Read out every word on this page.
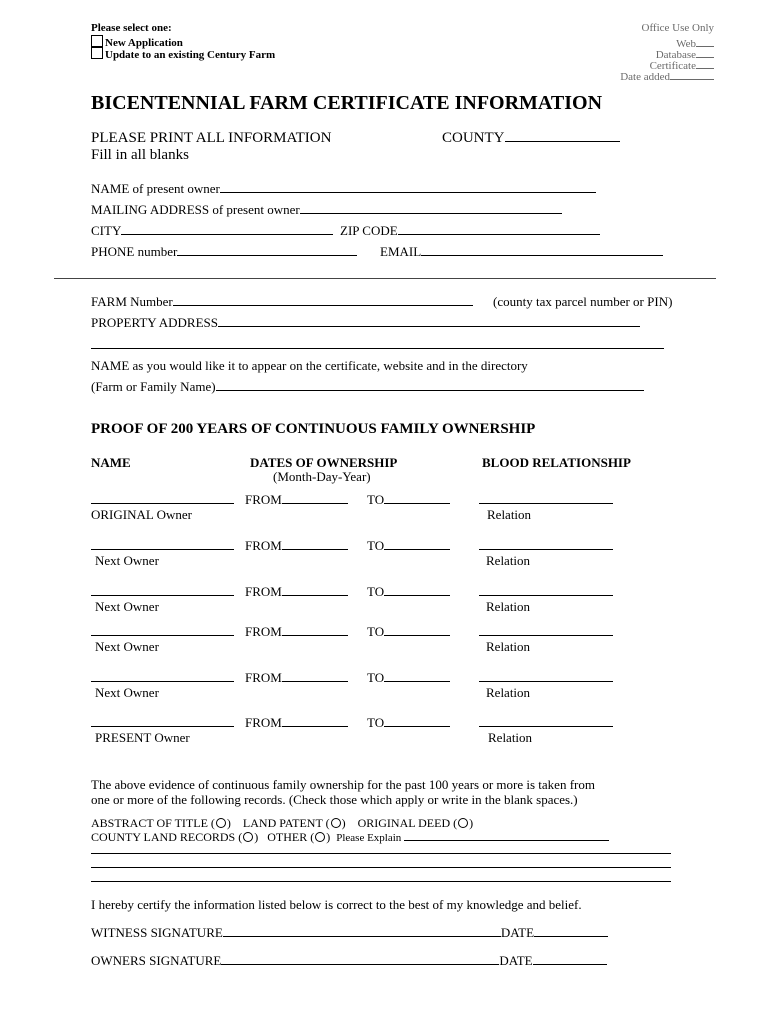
Please select one:
New Application
Update to an existing Century Farm
Office Use Only
Web
Database
Certificate
Date added
BICENTENNIAL FARM CERTIFICATE INFORMATION
PLEASE PRINT ALL INFORMATION
Fill in all blanks
COUNTY
NAME of present owner
MAILING ADDRESS of present owner
CITY	ZIP CODE
PHONE number	EMAIL
FARM Number	(county tax parcel number or PIN)
PROPERTY ADDRESS
NAME as you would like it to appear on the certificate, website and in the directory
(Farm or Family Name)
PROOF OF 200 YEARS OF CONTINUOUS FAMILY OWNERSHIP
NAME	DATES OF OWNERSHIP
(Month-Day-Year)
BLOOD RELATIONSHIP
FROM	TO
ORIGINAL Owner	Relation
FROM	TO
Next Owner	Relation
FROM	TO
Next Owner	Relation
FROM	TO
Next Owner	Relation
FROM	TO
Next Owner	Relation
FROM	TO
PRESENT Owner	Relation
The above evidence of continuous family ownership for the past 100 years or more is taken from
one or more of the following records. (Check those which apply or write in the blank spaces.)
ABSTRACT OF TITLE ( )    LAND PATENT ( )    ORIGINAL DEED ( )
COUNTY LAND RECORDS ( )   OTHER ( )  Please Explain
I hereby certify the information listed below is correct to the best of my knowledge and belief.
WITNESS SIGNATURE	DATE
OWNERS SIGNATURE	DATE
